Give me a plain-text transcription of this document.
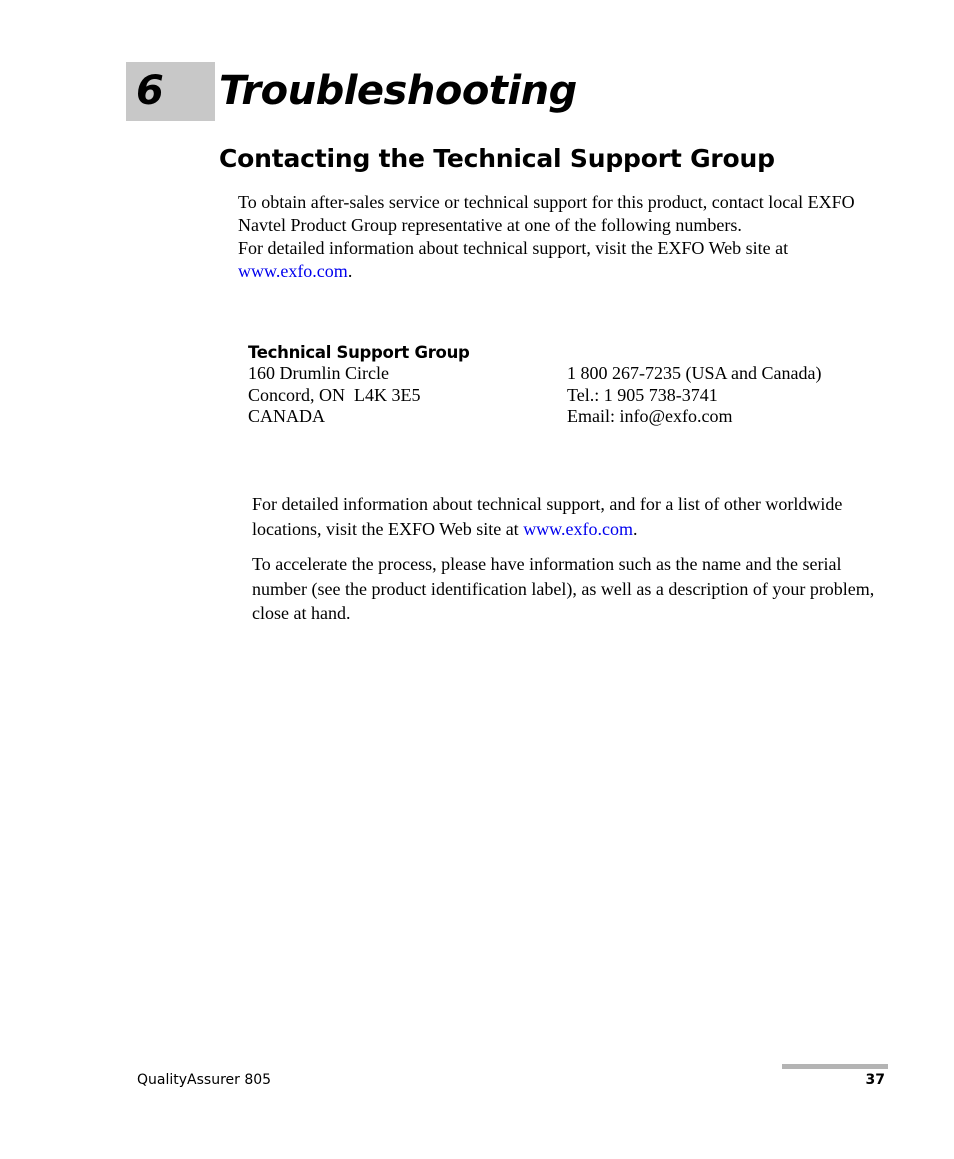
6 Troubleshooting
Contacting the Technical Support Group

To obtain after-sales service or technical support for this product, contact local EXFO Navtel Product Group representative at one of the following numbers.

For detailed information about technical support, visit the EXFO Web site at www.exfo.com.

Technical Support Group
160 Drumlin Circle
Concord, ON  L4K 3E5
CANADA
1 800 267-7235 (USA and Canada)
Tel.: 1 905 738-3741
Email: info@exfo.com

For detailed information about technical support, and for a list of other worldwide locations, visit the EXFO Web site at www.exfo.com.

To accelerate the process, please have information such as the name and the serial number (see the product identification label), as well as a description of your problem, close at hand.

QualityAssurer 805	37
